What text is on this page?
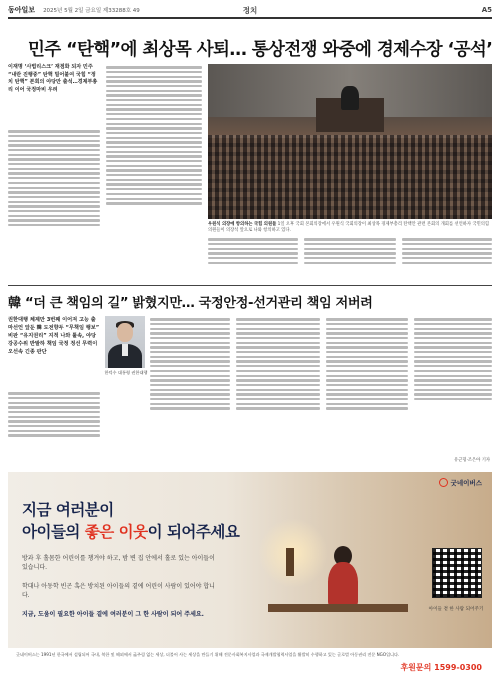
동아일보 2025년 5월 2일 금요일 제33288호 49	정치	A5
민주 “탄핵”에 최상목 사퇴… 통상전쟁 와중에 경제수장 ‘공석’
이재명 ‘사법리스크’ 재점화 되자 민주 “내란 진행중” 탄핵 밀어붙여 국힘 “정치 탄핵” 본회의 야당만 출석…경제부총리 이어 국정마비 우려
우원식 의장에 항의하는 국힘 의원들 1일 오후 국회 본회의장에서 우원식 국회의장이 최상목 경제부총리 탄핵안 관련 본회의 개회를 선언하자 국민의힘 의원들이 의장석 앞으로 나와 항의하고 있다.
韓 “더 큰 책임의 길” 밝혔지만… 국정안정-선거관리 책임 저버려
권한대행 체제만 3번째 이어져 고능 출마선언 앞둔 韓 도전향두 “무책임 행보” 비판 “유지권리” 지적 나와 툴속, 야당 강공수위 반발하 책임 국정 정선 무력이 오선속 긴종 판단
한덕수 대통령 권한대행
유근형·조은아 기자
굿네이버스
지금 여러분이
아이들의 좋은 이웃이 되어주세요
방과 후 홀몸한 어린이를 챙겨야 하고, 밤 변 집 안에서 홀로 있는 아이들이 있습니다.
학대나 아동학 빈곤 혹은 방치된 아이들의 곁에 어린이 사람이 있어야 합니다.
지금, 도움이 필요한 아이들 곁에 여러분이 그 한 사람이 되어 주세요.
아이들 곁 한 사람 되어주기
굿네이버스는 1991년 한국에서 설립되어 국내, 북한 및 해외에서 굶주림 없는 세상, 더불어 사는 세상을 만들기 위해 전문사회복지사업과 국제개발협력사업을 활발히 수행하고 있는 글로벌 아동권리 전문 NGO입니다.
후원문의 1599-0300
